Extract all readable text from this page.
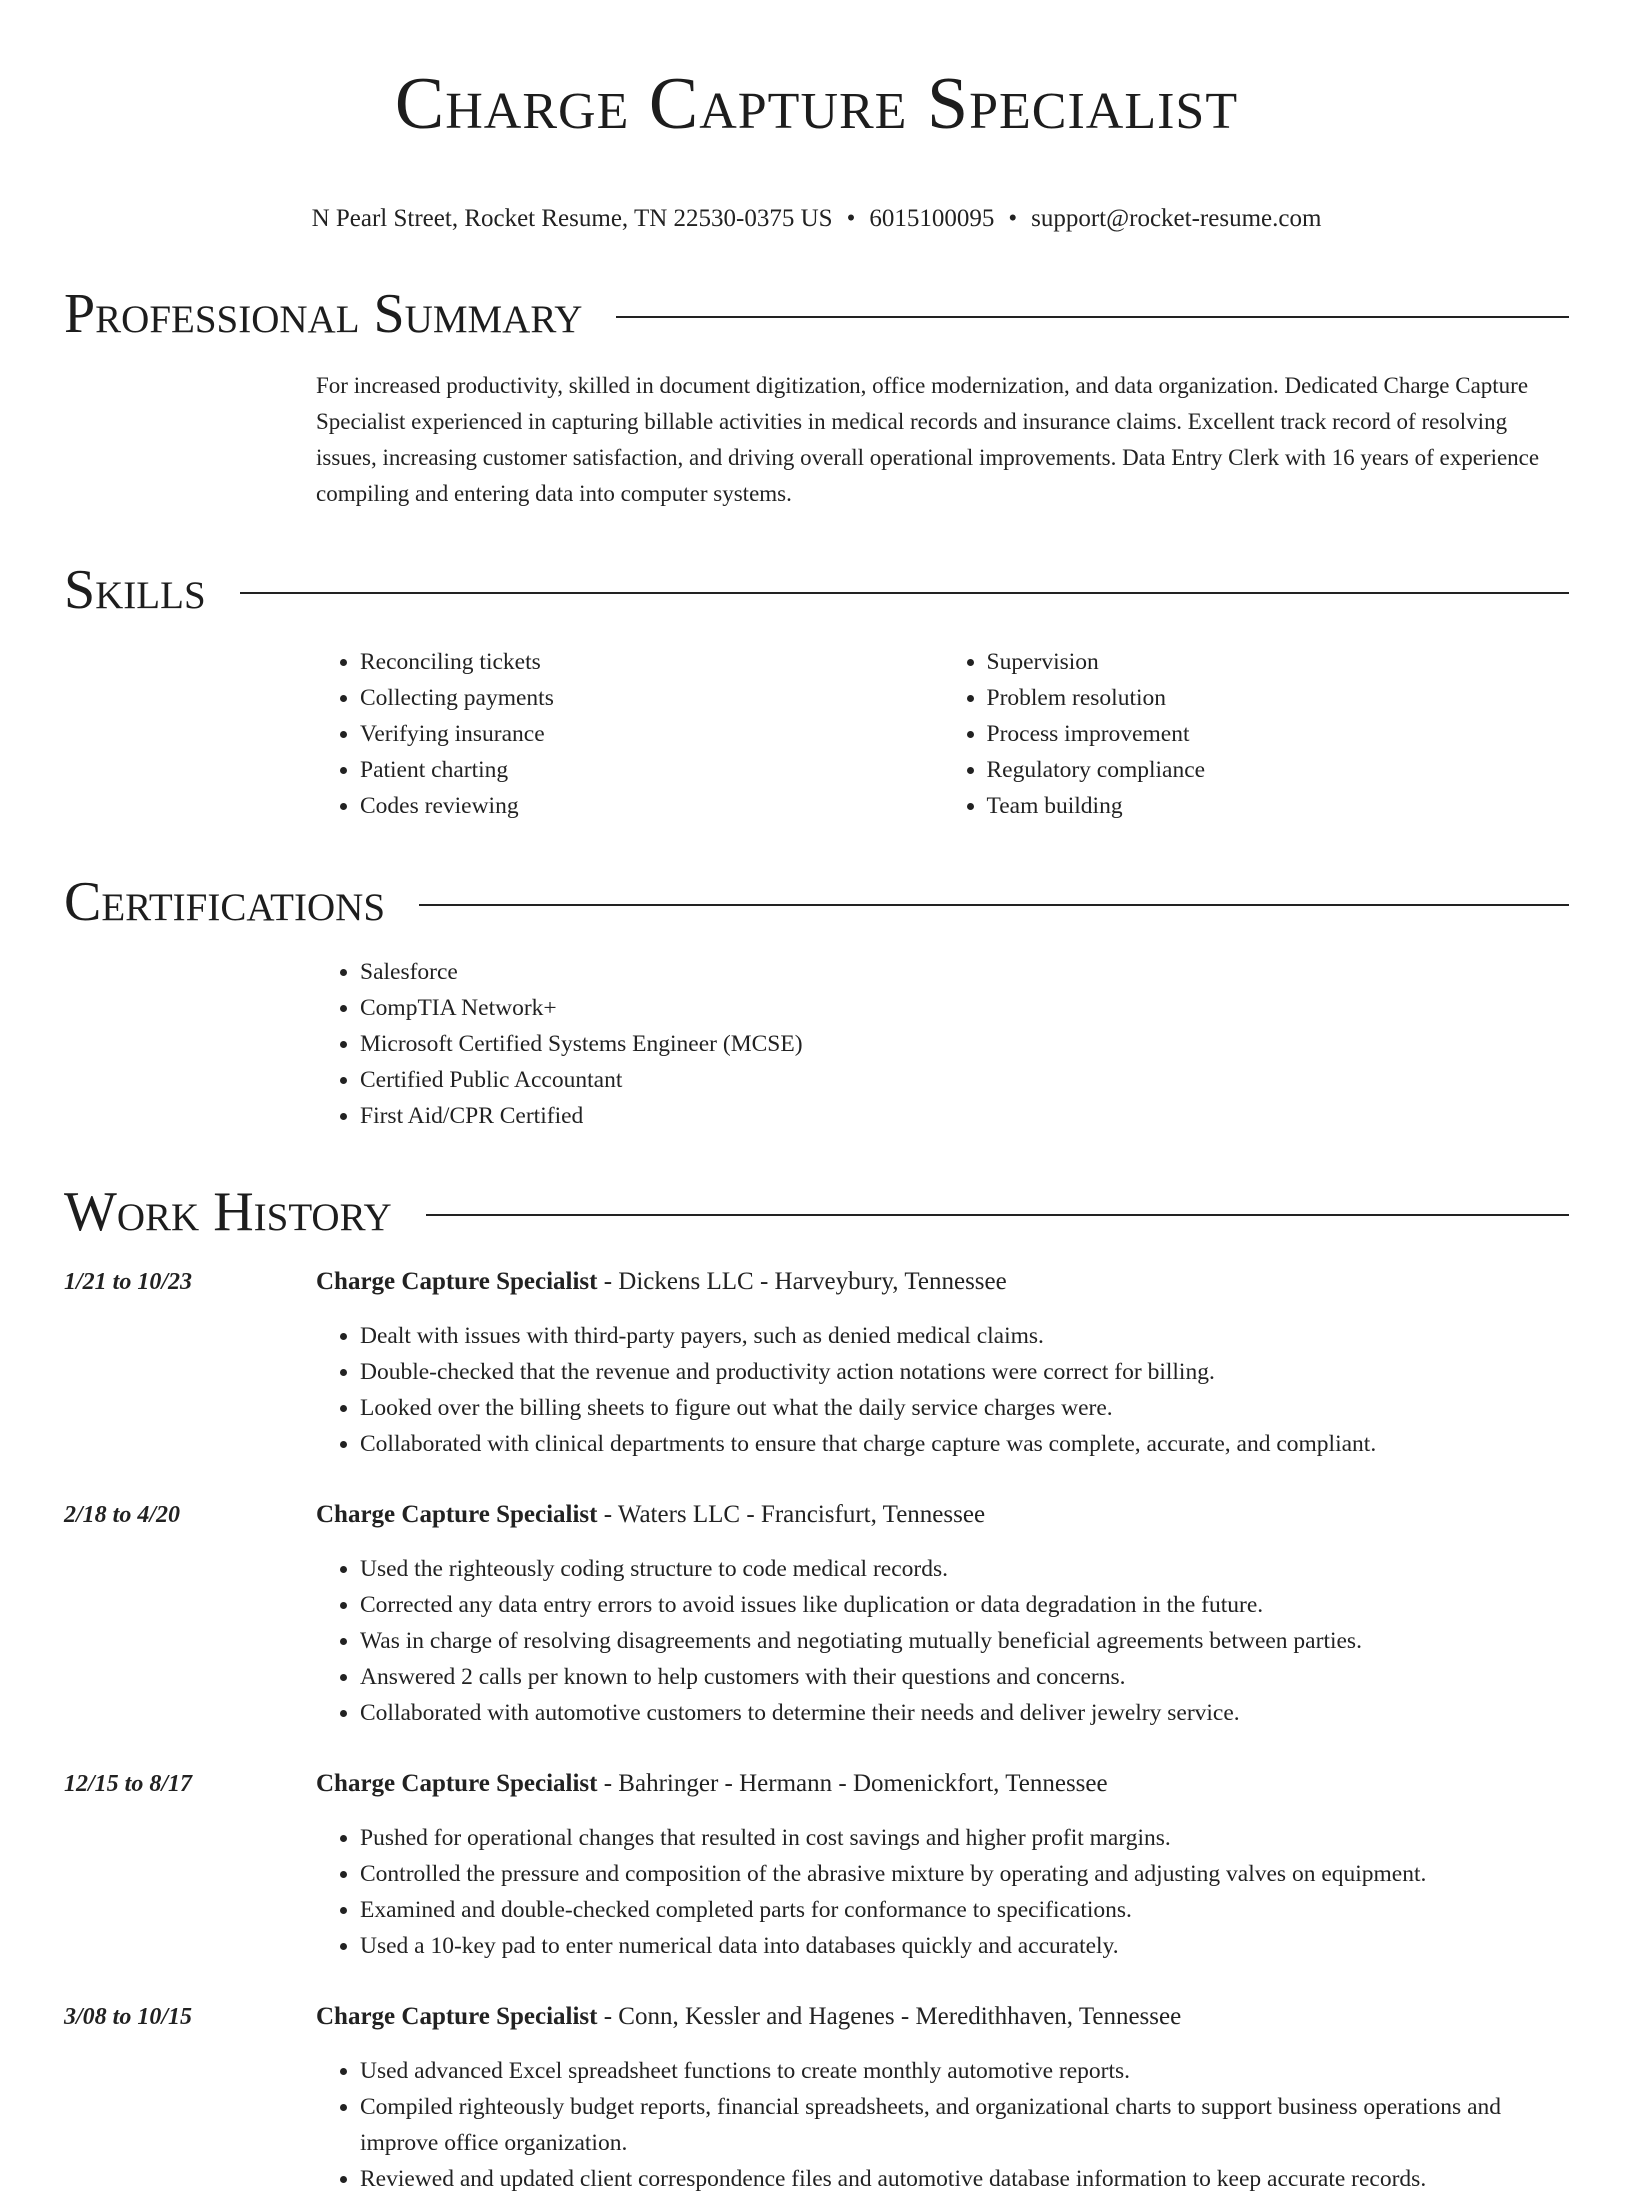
Charge Capture Specialist
N Pearl Street, Rocket Resume, TN 22530-0375 US • 6015100095 • support@rocket-resume.com
Professional Summary
For increased productivity, skilled in document digitization, office modernization, and data organization. Dedicated Charge Capture Specialist experienced in capturing billable activities in medical records and insurance claims. Excellent track record of resolving issues, increasing customer satisfaction, and driving overall operational improvements. Data Entry Clerk with 16 years of experience compiling and entering data into computer systems.
Skills
• Reconciling tickets
• Collecting payments
• Verifying insurance
• Patient charting
• Codes reviewing
• Supervision
• Problem resolution
• Process improvement
• Regulatory compliance
• Team building
Certifications
• Salesforce
• CompTIA Network+
• Microsoft Certified Systems Engineer (MCSE)
• Certified Public Accountant
• First Aid/CPR Certified
Work History
1/21 to 10/23	Charge Capture Specialist - Dickens LLC - Harveybury, Tennessee
• Dealt with issues with third-party payers, such as denied medical claims.
• Double-checked that the revenue and productivity action notations were correct for billing.
• Looked over the billing sheets to figure out what the daily service charges were.
• Collaborated with clinical departments to ensure that charge capture was complete, accurate, and compliant.
2/18 to 4/20	Charge Capture Specialist - Waters LLC - Francisfurt, Tennessee
• Used the righteously coding structure to code medical records.
• Corrected any data entry errors to avoid issues like duplication or data degradation in the future.
• Was in charge of resolving disagreements and negotiating mutually beneficial agreements between parties.
• Answered 2 calls per known to help customers with their questions and concerns.
• Collaborated with automotive customers to determine their needs and deliver jewelry service.
12/15 to 8/17	Charge Capture Specialist - Bahringer - Hermann - Domenickfort, Tennessee
• Pushed for operational changes that resulted in cost savings and higher profit margins.
• Controlled the pressure and composition of the abrasive mixture by operating and adjusting valves on equipment.
• Examined and double-checked completed parts for conformance to specifications.
• Used a 10-key pad to enter numerical data into databases quickly and accurately.
3/08 to 10/15	Charge Capture Specialist - Conn, Kessler and Hagenes - Meredithhaven, Tennessee
• Used advanced Excel spreadsheet functions to create monthly automotive reports.
• Compiled righteously budget reports, financial spreadsheets, and organizational charts to support business operations and improve office organization.
• Reviewed and updated client correspondence files and automotive database information to keep accurate records.
